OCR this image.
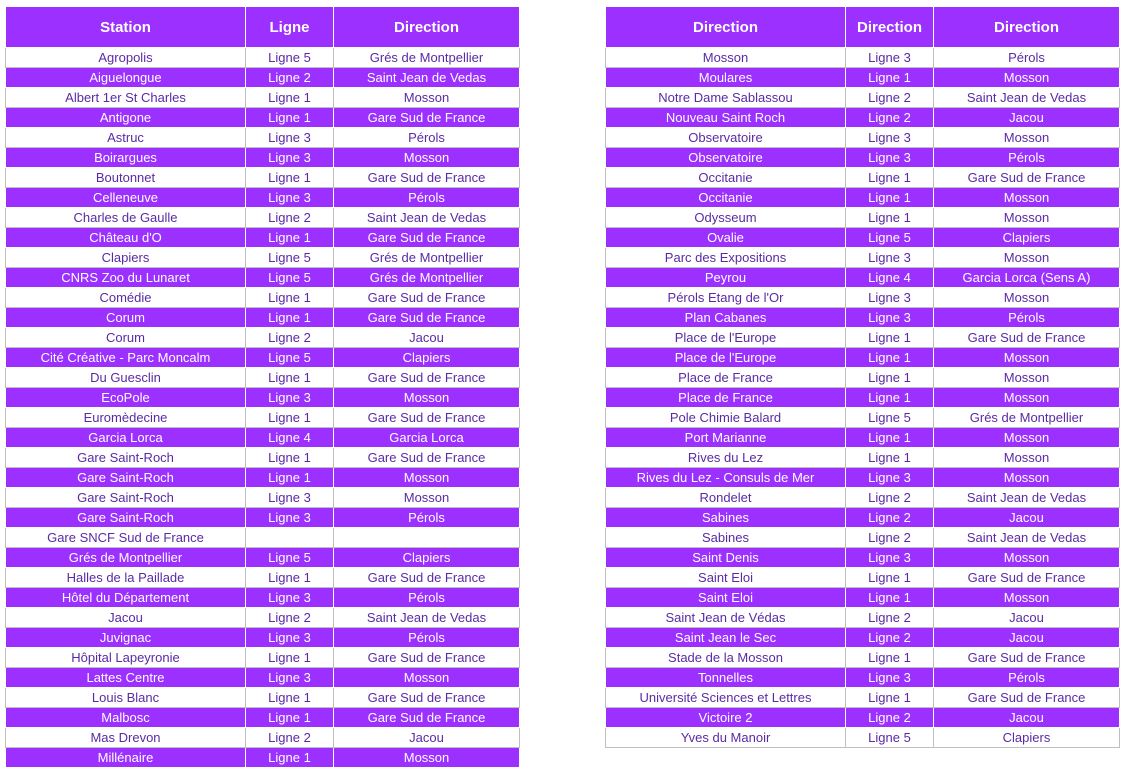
Station	Ligne	Direction
Agropolis	Ligne 5	Grés de Montpellier
Aiguelongue	Ligne 2	Saint Jean de Vedas
Albert 1er St Charles	Ligne 1	Mosson
Antigone	Ligne 1	Gare Sud de France
Astruc	Ligne 3	Pérols
Boirargues	Ligne 3	Mosson
Boutonnet	Ligne 1	Gare Sud de France
Celleneuve	Ligne 3	Pérols
Charles de Gaulle	Ligne 2	Saint Jean de Vedas
Château d'O	Ligne 1	Gare Sud de France
Clapiers	Ligne 5	Grés de Montpellier
CNRS Zoo du Lunaret	Ligne 5	Grés de Montpellier
Comédie	Ligne 1	Gare Sud de France
Corum	Ligne 1	Gare Sud de France
Corum	Ligne 2	Jacou
Cité Créative - Parc Moncalm	Ligne 5	Clapiers
Du Guesclin	Ligne 1	Gare Sud de France
EcoPole	Ligne 3	Mosson
Euromèdecine	Ligne 1	Gare Sud de France
Garcia Lorca	Ligne 4	Garcia Lorca
Gare Saint-Roch	Ligne 1	Gare Sud de France
Gare Saint-Roch	Ligne 1	Mosson
Gare Saint-Roch	Ligne 3	Mosson
Gare Saint-Roch	Ligne 3	Pérols
Gare SNCF Sud de France		
Grés de Montpellier	Ligne 5	Clapiers
Halles de la Paillade	Ligne 1	Gare Sud de France
Hôtel du Département	Ligne 3	Pérols
Jacou	Ligne 2	Saint Jean de Vedas
Juvignac	Ligne 3	Pérols
Hôpital Lapeyronie	Ligne 1	Gare Sud de France
Lattes Centre	Ligne 3	Mosson
Louis Blanc	Ligne 1	Gare Sud de France
Malbosc	Ligne 1	Gare Sud de France
Mas Drevon	Ligne 2	Jacou
Millénaire	Ligne 1	Mosson
Direction	Direction	Direction
Mosson	Ligne 3	Pérols
Moulares	Ligne 1	Mosson
Notre Dame Sablassou	Ligne 2	Saint Jean de Vedas
Nouveau Saint Roch	Ligne 2	Jacou
Observatoire	Ligne 3	Mosson
Observatoire	Ligne 3	Pérols
Occitanie	Ligne 1	Gare Sud de France
Occitanie	Ligne 1	Mosson
Odysseum	Ligne 1	Mosson
Ovalie	Ligne 5	Clapiers
Parc des Expositions	Ligne 3	Mosson
Peyrou	Ligne 4	Garcia Lorca (Sens A)
Pérols Etang de l'Or	Ligne 3	Mosson
Plan Cabanes	Ligne 3	Pérols
Place de l'Europe	Ligne 1	Gare Sud de France
Place de l'Europe	Ligne 1	Mosson
Place de France	Ligne 1	Mosson
Place de France	Ligne 1	Mosson
Pole Chimie Balard	Ligne 5	Grés de Montpellier
Port Marianne	Ligne 1	Mosson
Rives du Lez	Ligne 1	Mosson
Rives du Lez - Consuls de Mer	Ligne 3	Mosson
Rondelet	Ligne 2	Saint Jean de Vedas
Sabines	Ligne 2	Jacou
Sabines	Ligne 2	Saint Jean de Vedas
Saint Denis	Ligne 3	Mosson
Saint Eloi	Ligne 1	Gare Sud de France
Saint Eloi	Ligne 1	Mosson
Saint Jean de Védas	Ligne 2	Jacou
Saint Jean le Sec	Ligne 2	Jacou
Stade de la Mosson	Ligne 1	Gare Sud de France
Tonnelles	Ligne 3	Pérols
Université Sciences et Lettres	Ligne 1	Gare Sud de France
Victoire 2	Ligne 2	Jacou
Yves du Manoir	Ligne 5	Clapiers
